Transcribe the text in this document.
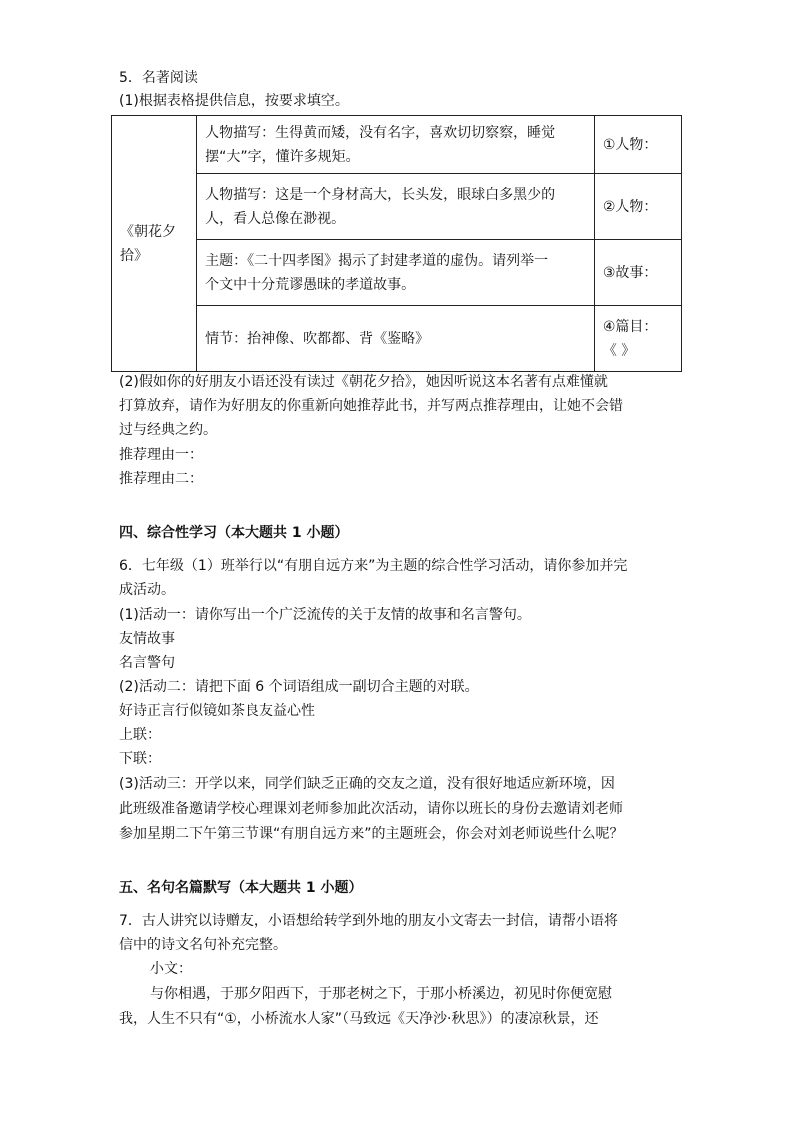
5．名著阅读
(1)根据表格提供信息，按要求填空。
《朝花夕拾》	人物描写：生得黄而矮，没有名字，喜欢切切察察，睡觉
摆“大”字，懂许多规矩。	①人物：

	人物描写：这是一个身材高大，长头发，眼球白多黑少的
人，看人总像在渺视。	②人物：

	主题：《二十四孝图》揭示了封建孝道的虚伪。请列举一
个文中十分荒谬愚昧的孝道故事。	③故事：

	情节：抬神像、吹都都、背《鉴略》	④篇目：
《 》
(2)假如你的好朋友小语还没有读过《朝花夕拾》，她因听说这本名著有点难懂就
打算放弃，请作为好朋友的你重新向她推荐此书，并写两点推荐理由，让她不会错
过与经典之约。
推荐理由一：
推荐理由二：
四、综合性学习（本大题共 1 小题）
6．七年级（1）班举行以“有朋自远方来”为主题的综合性学习活动，请你参加并完
成活动。
(1)活动一：请你写出一个广泛流传的关于友情的故事和名言警句。
友情故事
名言警句
(2)活动二：请把下面 6 个词语组成一副切合主题的对联。
好诗正言行似镜如茶良友益心性
上联：
下联：
(3)活动三：开学以来，同学们缺乏正确的交友之道，没有很好地适应新环境，因
此班级准备邀请学校心理课刘老师参加此次活动，请你以班长的身份去邀请刘老师
参加星期二下午第三节课“有朋自远方来”的主题班会，你会对刘老师说些什么呢？
五、名句名篇默写（本大题共 1 小题）
7．古人讲究以诗赠友，小语想给转学到外地的朋友小文寄去一封信，请帮小语将
信中的诗文名句补充完整。
小文：
与你相遇，于那夕阳西下，于那老树之下，于那小桥溪边，初见时你便宽慰
我，人生不只有“①，小桥流水人家”（马致远《天净沙·秋思》）的凄凉秋景，还
